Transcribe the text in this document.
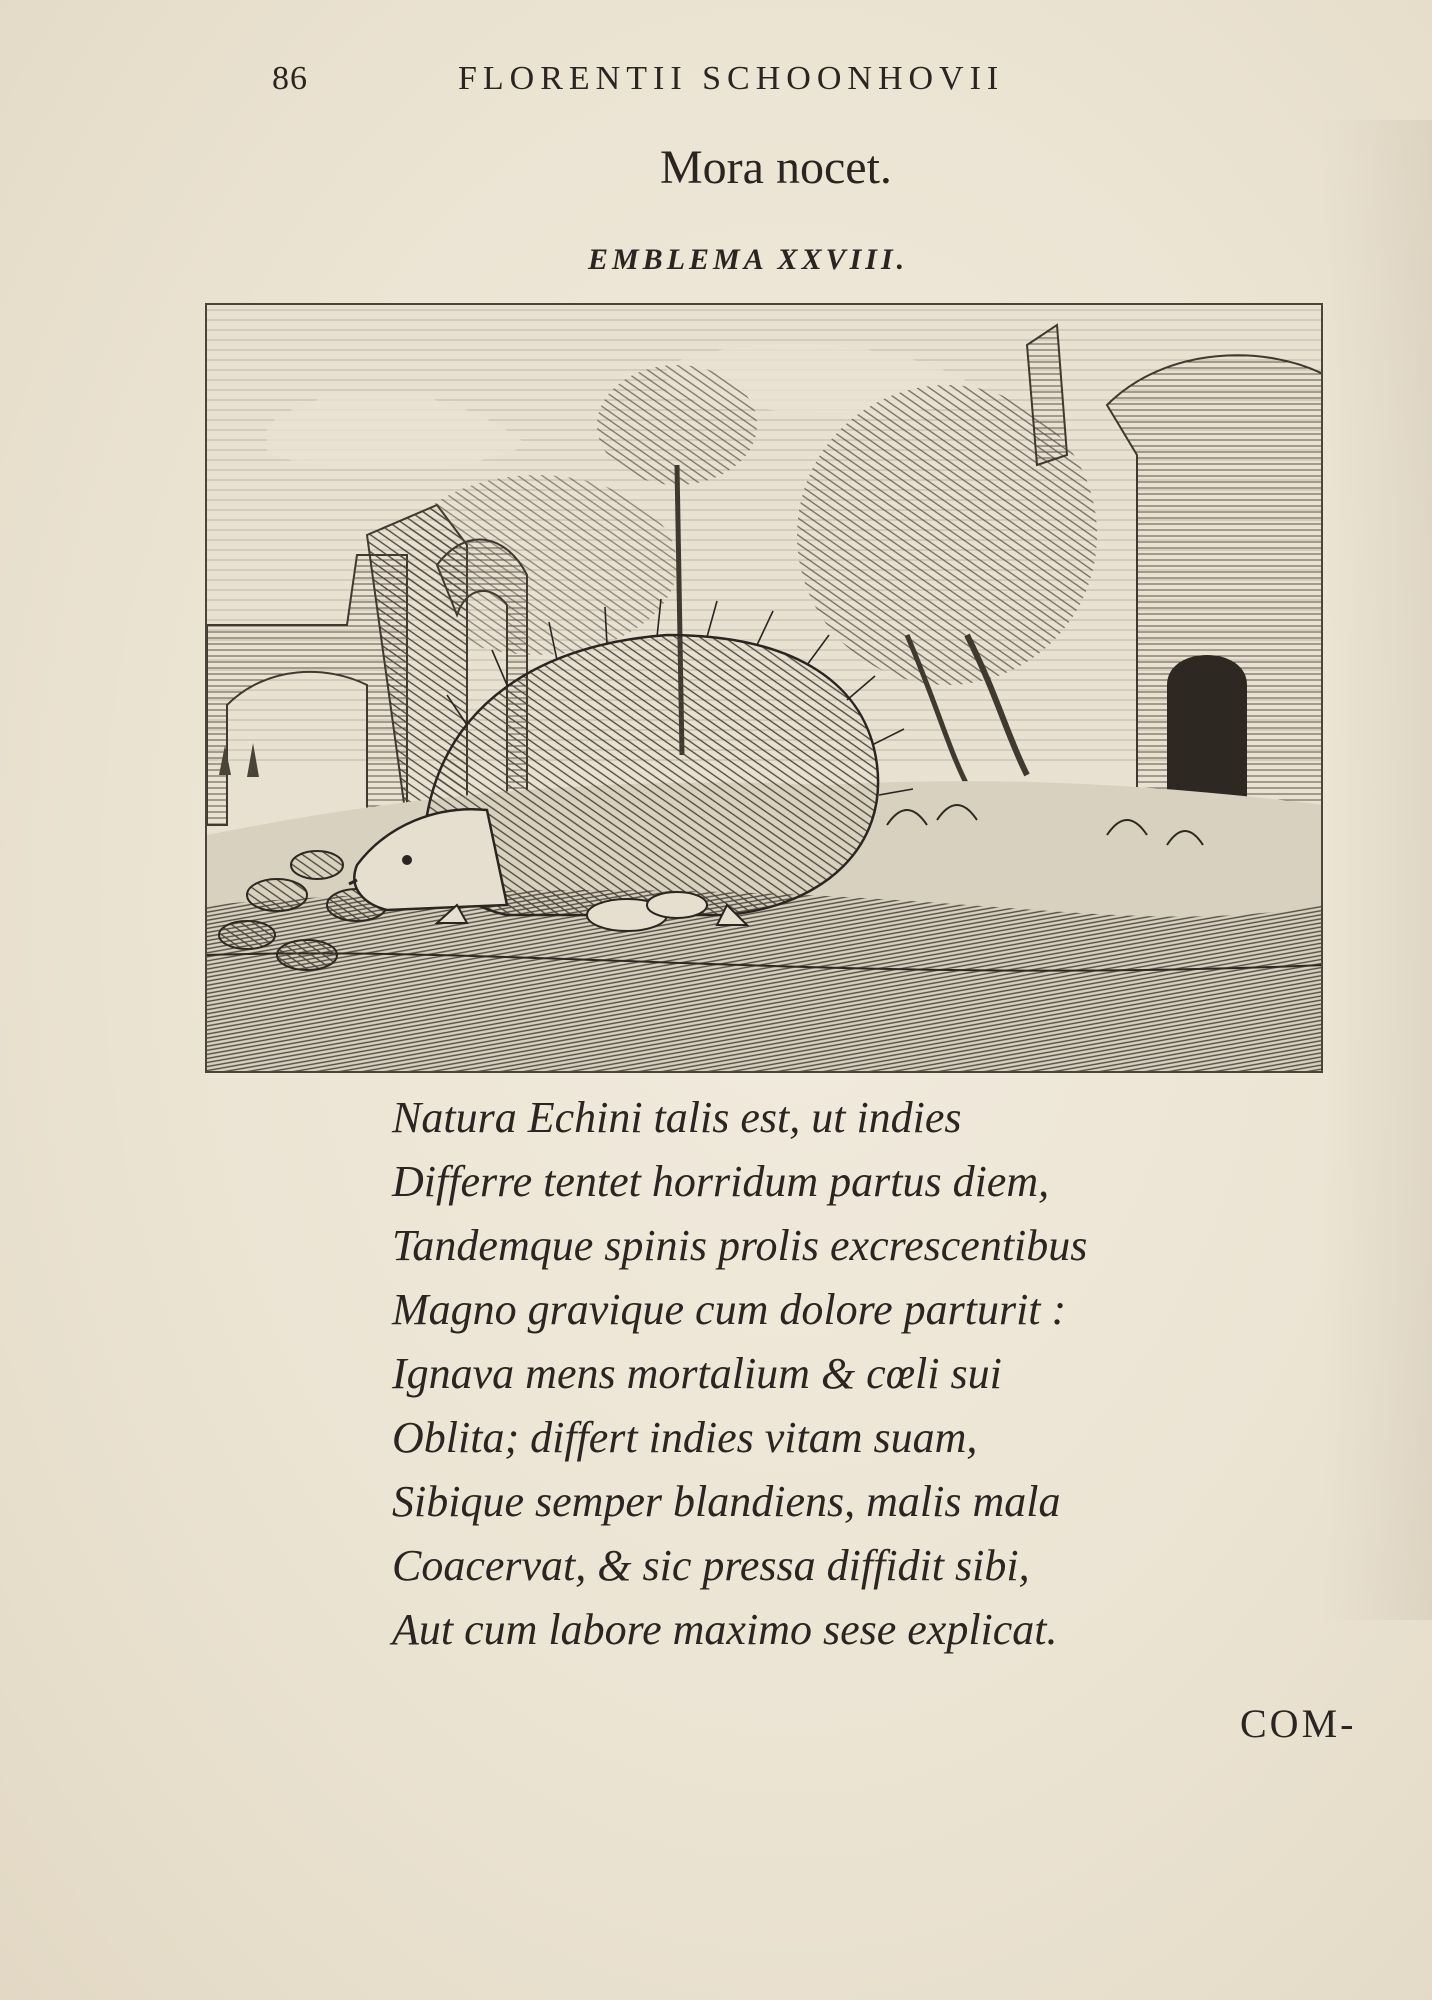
86	FLORENTII SCHOONHOVII
Mora nocet.
EMBLEMA XXVIII.
Natura Echini talis est, ut indies
Differre tentet horridum partus diem,
Tandemque spinis prolis excrescentibus
Magno gravique cum dolore parturit :
Ignava mens mortalium & cœli sui
Oblita; differt indies vitam suam,
Sibique semper blandiens, malis mala
Coacervat, & sic pressa diffidit sibi,
Aut cum labore maximo sese explicat.
COM-
